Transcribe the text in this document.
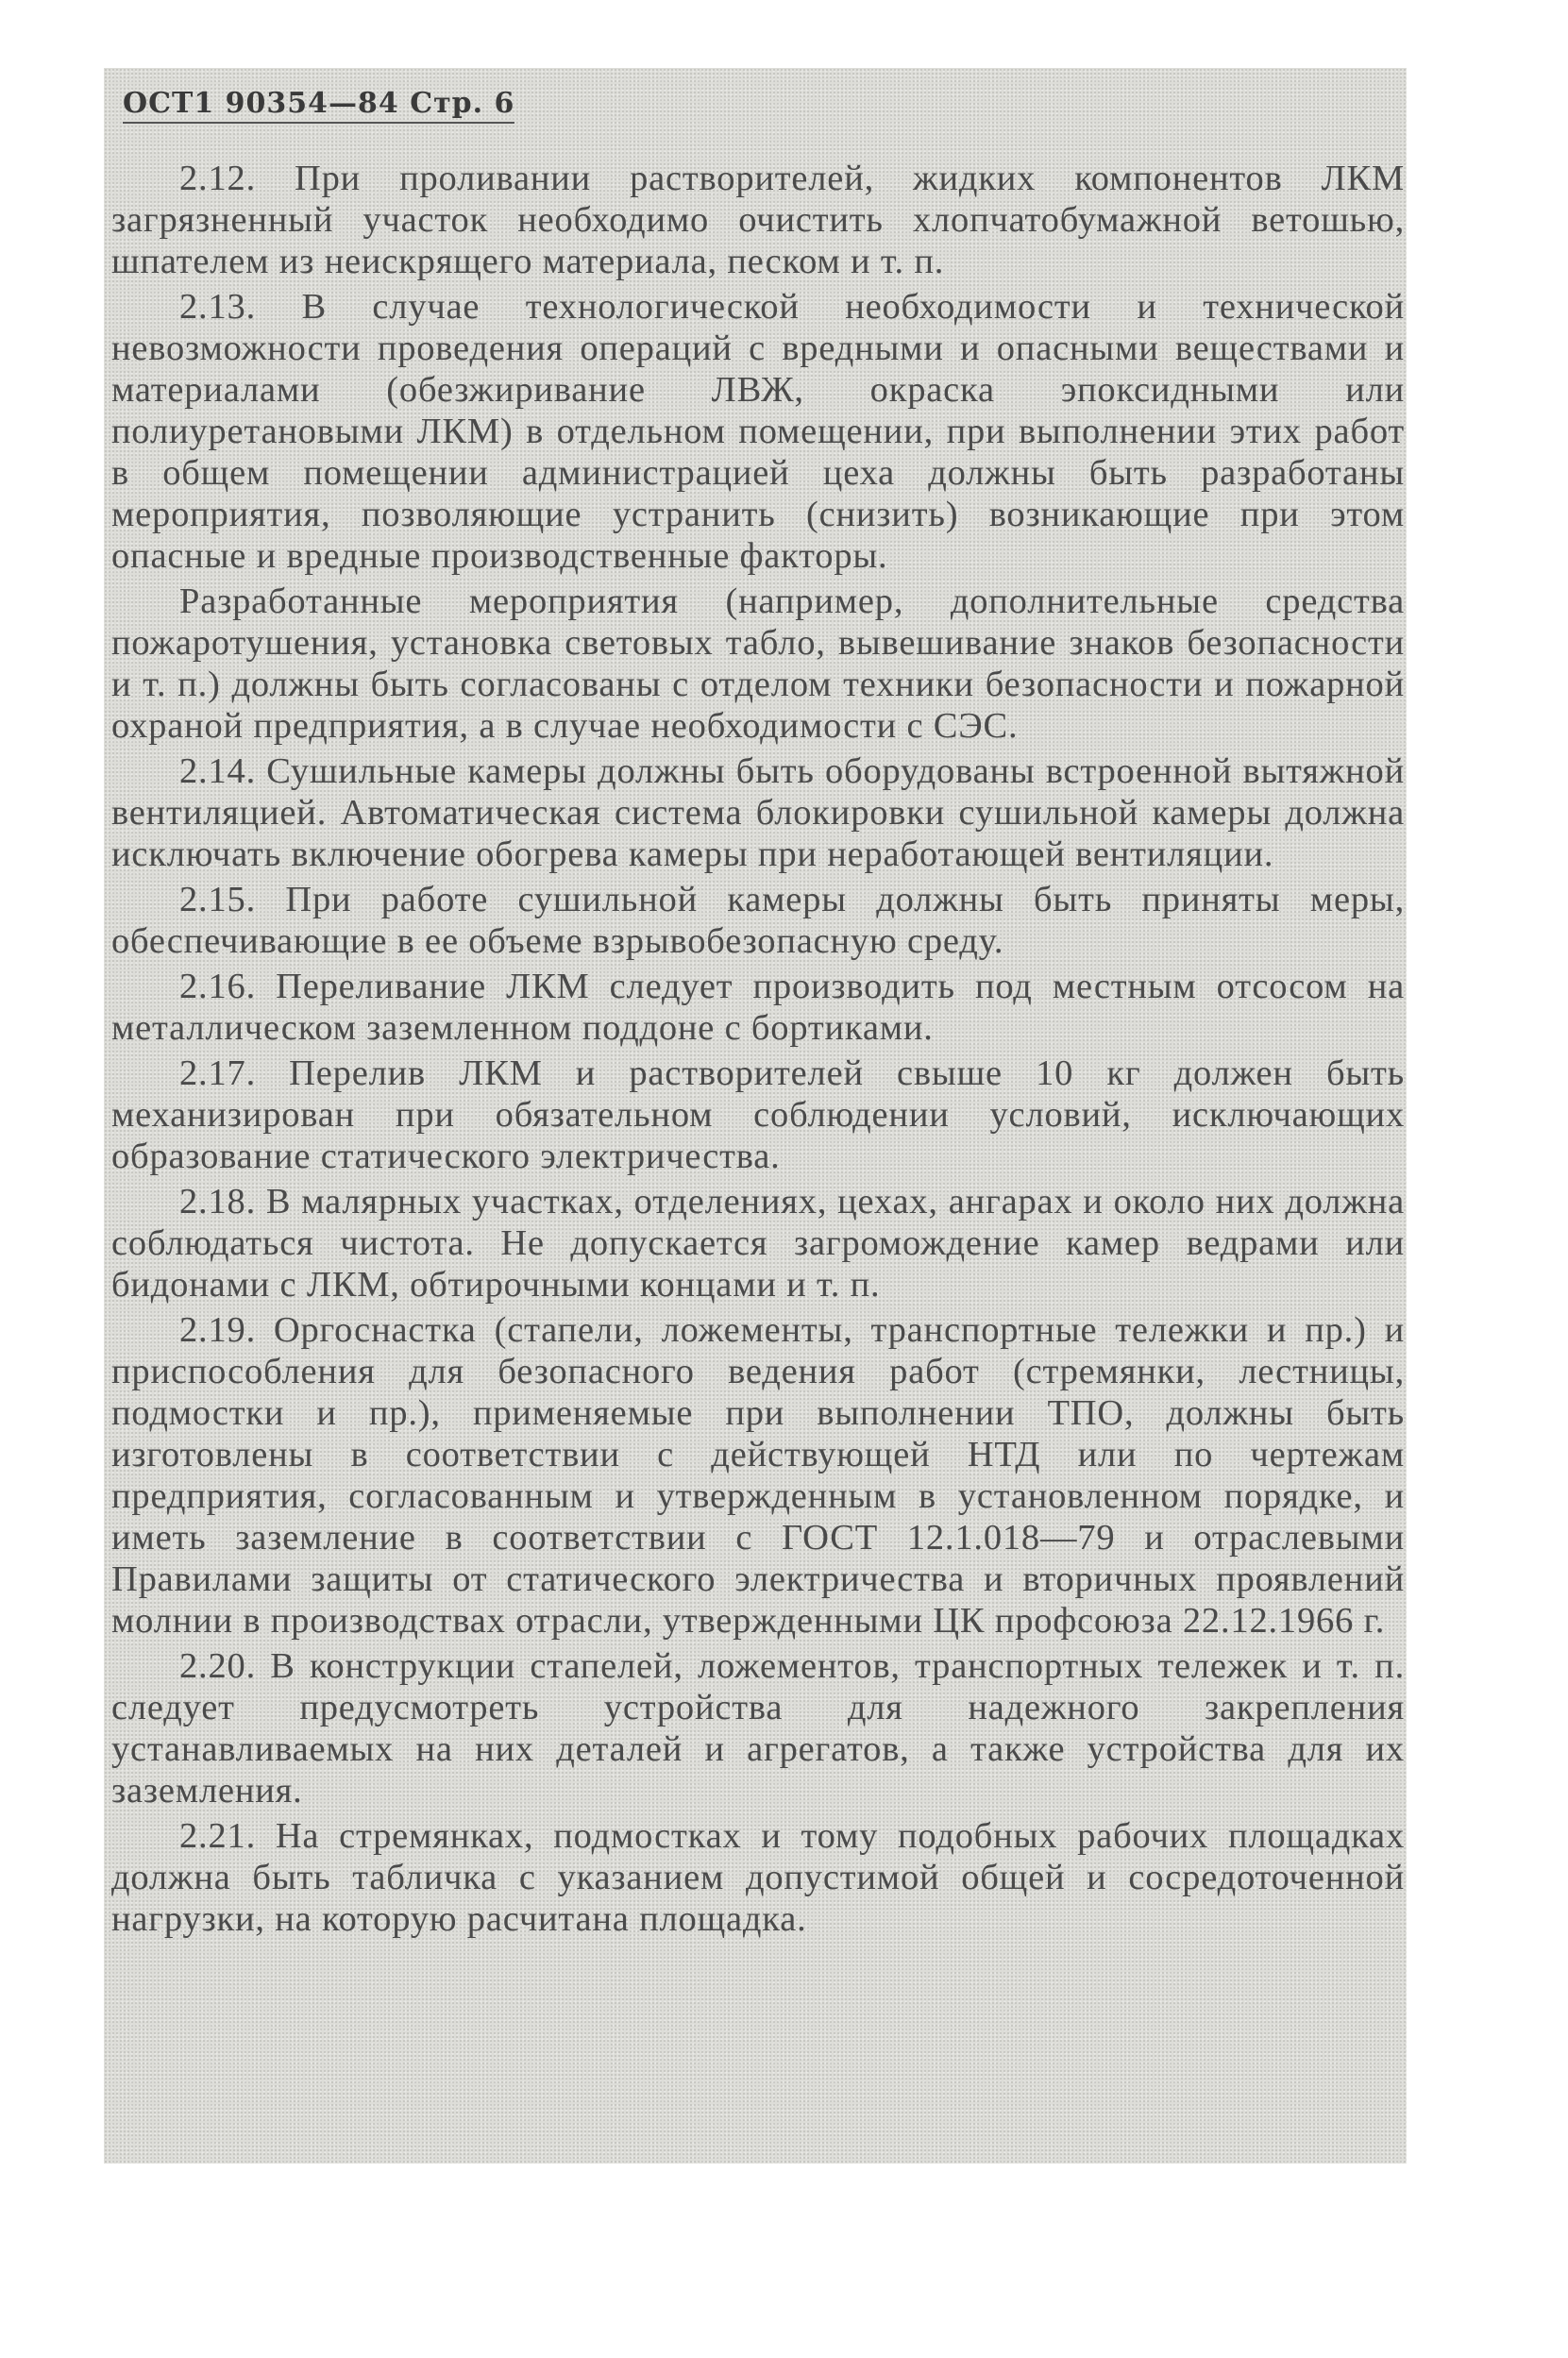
ОСТ1 90354—84 Стр. 6

2.12. При проливании растворителей, жидких компонентов ЛКМ загрязненный участок необходимо очистить хлопчатобумажной ветошью, шпателем из неискрящего материала, песком и т. п.

2.13. В случае технологической необходимости и технической невозможности проведения операций с вредными и опасными веществами и материалами (обезжиривание ЛВЖ, окраска эпоксидными или полиуретановыми ЛКМ) в отдельном помещении, при выполнении этих работ в общем помещении администрацией цеха должны быть разработаны мероприятия, позволяющие устранить (снизить) возникающие при этом опасные и вредные производственные факторы.

Разработанные мероприятия (например, дополнительные средства пожаротушения, установка световых табло, вывешивание знаков безопасности и т. п.) должны быть согласованы с отделом техники безопасности и пожарной охраной предприятия, а в случае необходимости с СЭС.

2.14. Сушильные камеры должны быть оборудованы встроенной вытяжной вентиляцией. Автоматическая система блокировки сушильной камеры должна исключать включение обогрева камеры при неработающей вентиляции.

2.15. При работе сушильной камеры должны быть приняты меры, обеспечивающие в ее объеме взрывобезопасную среду.

2.16. Переливание ЛКМ следует производить под местным отсосом на металлическом заземленном поддоне с бортиками.

2.17. Перелив ЛКМ и растворителей свыше 10 кг должен быть механизирован при обязательном соблюдении условий, исключающих образование статического электричества.

2.18. В малярных участках, отделениях, цехах, ангарах и около них должна соблюдаться чистота. Не допускается загромождение камер ведрами или бидонами с ЛКМ, обтирочными концами и т. п.

2.19. Оргоснастка (стапели, ложементы, транспортные тележки и пр.) и приспособления для безопасного ведения работ (стремянки, лестницы, подмостки и пр.), применяемые при выполнении ТПО, должны быть изготовлены в соответствии с действующей НТД или по чертежам предприятия, согласованным и утвержденным в установленном порядке, и иметь заземление в соответствии с ГОСТ 12.1.018—79 и отраслевыми Правилами защиты от статического электричества и вторичных проявлений молнии в производствах отрасли, утвержденными ЦК профсоюза 22.12.1966 г.

2.20. В конструкции стапелей, ложементов, транспортных тележек и т. п. следует предусмотреть устройства для надежного закрепления устанавливаемых на них деталей и агрегатов, а также устройства для их заземления.

2.21. На стремянках, подмостках и тому подобных рабочих площадках должна быть табличка с указанием допустимой общей и сосредоточенной нагрузки, на которую расчитана площадка.
